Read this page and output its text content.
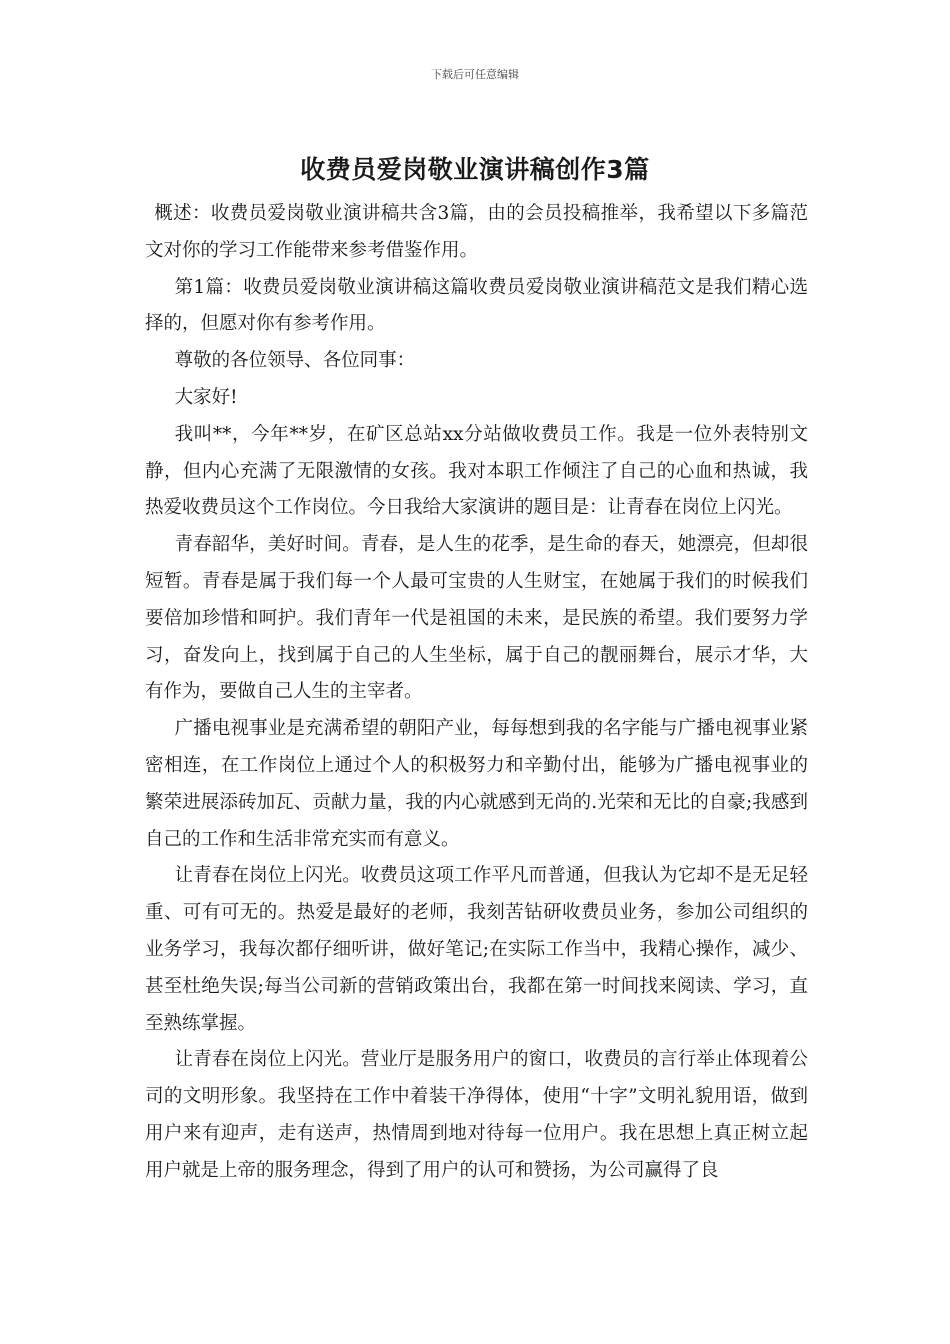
下载后可任意编辑
收费员爱岗敬业演讲稿创作3篇

概述：收费员爱岗敬业演讲稿共含3篇，由的会员投稿推举，我希望以下多篇范文对你的学习工作能带来参考借鉴作用。

第1篇：收费员爱岗敬业演讲稿这篇收费员爱岗敬业演讲稿范文是我们精心选择的，但愿对你有参考作用。

尊敬的各位领导、各位同事：

大家好!

我叫**，今年**岁，在矿区总站xx分站做收费员工作。我是一位外表特别文静，但内心充满了无限激情的女孩。我对本职工作倾注了自己的心血和热诚，我热爱收费员这个工作岗位。今日我给大家演讲的题目是：让青春在岗位上闪光。

青春韶华，美好时间。青春，是人生的花季，是生命的春天，她漂亮，但却很短暂。青春是属于我们每一个人最可宝贵的人生财宝，在她属于我们的时候我们要倍加珍惜和呵护。我们青年一代是祖国的未来，是民族的希望。我们要努力学习，奋发向上，找到属于自己的人生坐标，属于自己的靓丽舞台，展示才华，大有作为，要做自己人生的主宰者。

广播电视事业是充满希望的朝阳产业，每每想到我的名字能与广播电视事业紧密相连，在工作岗位上通过个人的积极努力和辛勤付出，能够为广播电视事业的繁荣进展添砖加瓦、贡献力量，我的内心就感到无尚的.光荣和无比的自豪;我感到自己的工作和生活非常充实而有意义。

让青春在岗位上闪光。收费员这项工作平凡而普通，但我认为它却不是无足轻重、可有可无的。热爱是最好的老师，我刻苦钻研收费员业务，参加公司组织的业务学习，我每次都仔细听讲，做好笔记;在实际工作当中，我精心操作，减少、甚至杜绝失误;每当公司新的营销政策出台，我都在第一时间找来阅读、学习，直至熟练掌握。

让青春在岗位上闪光。营业厅是服务用户的窗口，收费员的言行举止体现着公司的文明形象。我坚持在工作中着装干净得体，使用“十字”文明礼貌用语，做到用户来有迎声，走有送声，热情周到地对待每一位用户。我在思想上真正树立起用户就是上帝的服务理念，得到了用户的认可和赞扬，为公司赢得了良
